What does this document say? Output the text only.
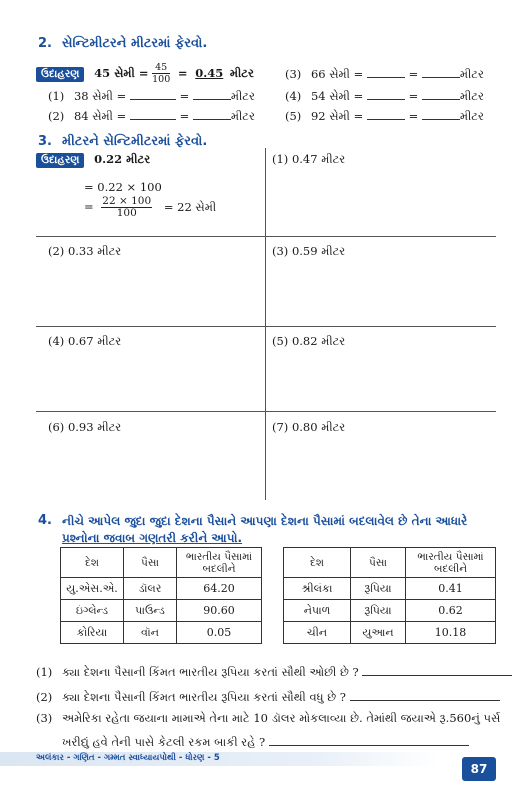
2. સેન્ટિમીટરને મીટરમાં ફેરવો.
ઉદાહરણ 45 સેમી = $\frac{45}{100} = 0.45$ મીટર
(1) 38 સેમી =	=	મીટર
(2) 84 સેમી =	=	મીટર
(3) 66 સેમી =	=	મીટર
(4) 54 સેમી =	=	મીટર
(5) 92 સેમી =	=	મીટર
3. મીટરને સેન્ટિમીટરમાં ફેરવો.
ઉદાહરણ 0.22 મીટર
= 0.22 × 100
= $\frac{22 \times 100}{100} = 22$ સેમી
(1) 0.47 મીટર
(2) 0.33 મીટર	(3) 0.59 મીટર
(4) 0.67 મીટર	(5) 0.82 મીટર
(6) 0.93 મીટર	(7) 0.80 મીટર
4. નીચે આપેલ જુદા જુદા દેશના પૈસાને આપણા દેશના પૈસામાં બદલાવેલ છે તેના આધારે
પ્રશ્નોના જવાબ ગણતરી કરીને આપો.
દેશ	પૈસા	ભારતીય પૈસામાં બદલીને
યુ.એસ.એ.	ડૉલર	64.20
ઇંગ્લેન્ડ	પાઉન્ડ	90.60
કોરિયા	વૉન	0.05
દેશ	પૈસા	ભારતીય પૈસામાં બદલીને
શ્રીલંકા	રૂપિયા	0.41
નેપાળ	રૂપિયા	0.62
ચીન	યુઆન	10.18
(1) ક્યા દેશના પૈસાની કિંમત ભારતીય રૂપિયા કરતાં સૌથી ઓછી છે ?
(2) ક્યા દેશના પૈસાની કિંમત ભારતીય રૂપિયા કરતાં સૌથી વધુ છે ?
(3) અમેરિકા રહેતા જયાના મામાએ તેના માટે 10 ડૉલર મોકલાવ્યા છે. તેમાંથી જયાએ રૂ.560નું પર્સ
ખરીદ્યું હવે તેની પાસે કેટલી રકમ બાકી રહે ?
અલંકાર - ગણિત - ગમ્મત સ્વાધ્યાયપોથી - ધોરણ - 5
87
